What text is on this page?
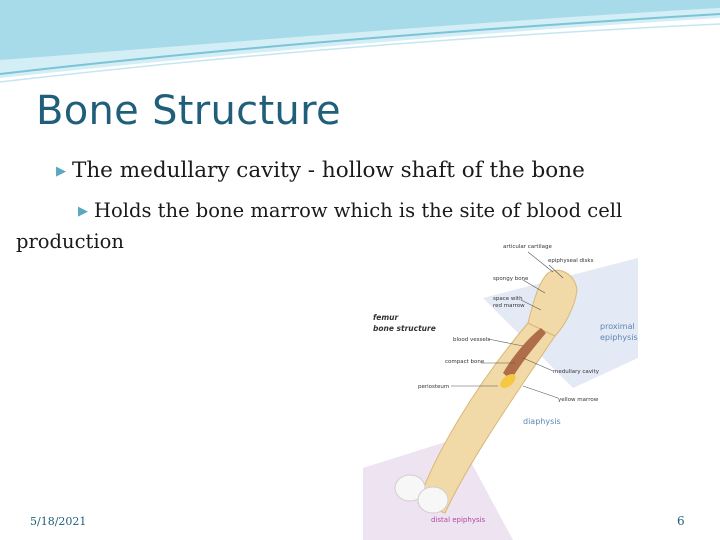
Bone Structure
▶ The medullary cavity - hollow shaft of the bone
▶ Holds the bone marrow which is the site of blood cell
production	articular cartilage
epiphyseal disks
spongy bone
space with
red marrow
femur
bone structure	proximal
epiphysis
blood vessels
compact bone
medullary cavity
periosteum
yellow marrow
diaphysis
distal epiphysis
5/18/2021	6
